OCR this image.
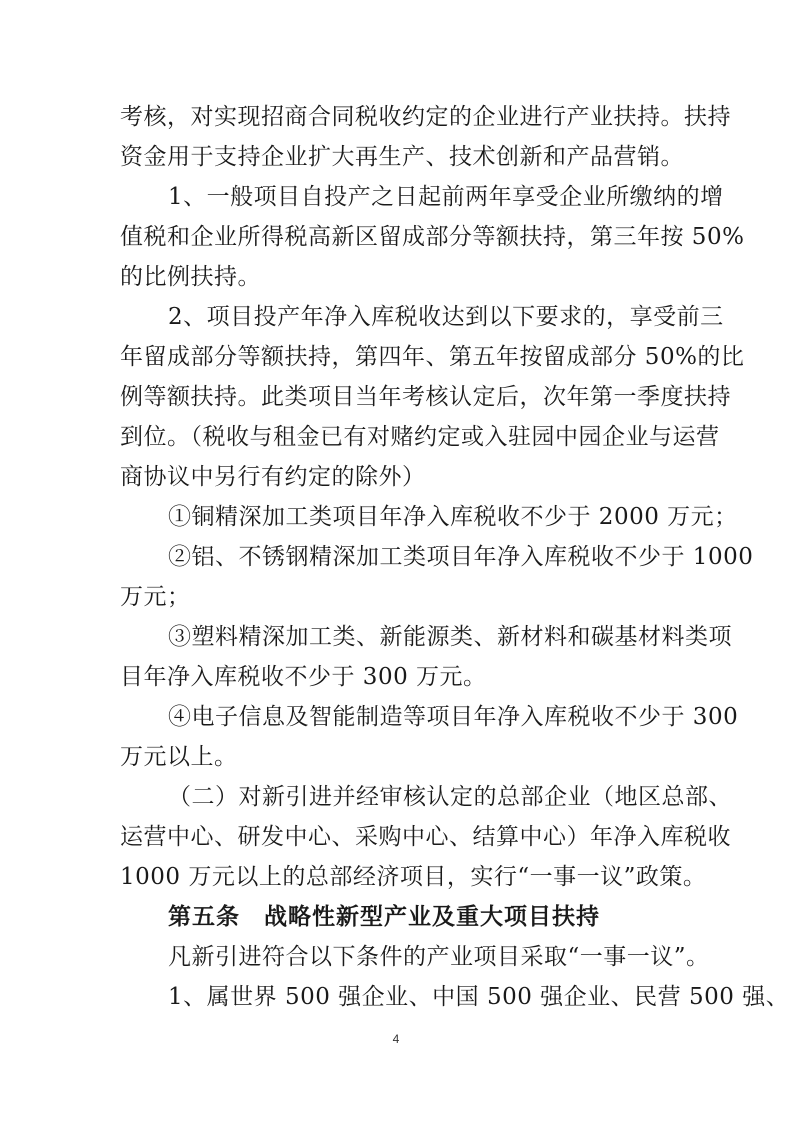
考核，对实现招商合同税收约定的企业进行产业扶持。扶持
资金用于支持企业扩大再生产、技术创新和产品营销。
1、一般项目自投产之日起前两年享受企业所缴纳的增
值税和企业所得税高新区留成部分等额扶持，第三年按 50%
的比例扶持。
2、项目投产年净入库税收达到以下要求的，享受前三
年留成部分等额扶持，第四年、第五年按留成部分 50%的比
例等额扶持。此类项目当年考核认定后，次年第一季度扶持
到位。（税收与租金已有对赌约定或入驻园中园企业与运营
商协议中另行有约定的除外）
①铜精深加工类项目年净入库税收不少于 2000 万元；
②铝、不锈钢精深加工类项目年净入库税收不少于 1000
万元；
③塑料精深加工类、新能源类、新材料和碳基材料类项
目年净入库税收不少于 300 万元。
④电子信息及智能制造等项目年净入库税收不少于 300
万元以上。
（二）对新引进并经审核认定的总部企业（地区总部、
运营中心、研发中心、采购中心、结算中心）年净入库税收
1000 万元以上的总部经济项目，实行“一事一议”政策。
第五条　战略性新型产业及重大项目扶持
凡新引进符合以下条件的产业项目采取“一事一议”。
1、属世界 500 强企业、中国 500 强企业、民营 500 强、
4
